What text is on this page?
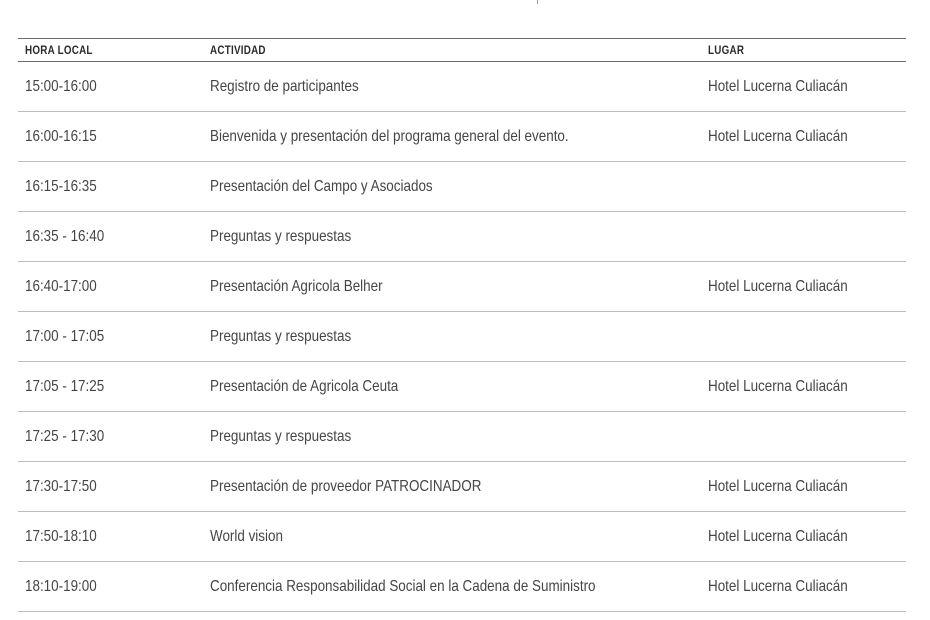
HORA LOCAL	ACTIVIDAD	LUGAR
15:00-16:00	Registro de participantes	Hotel Lucerna Culiacán
16:00-16:15	Bienvenida y presentación del programa general del evento.	Hotel Lucerna Culiacán
16:15-16:35	Presentación del Campo y Asociados
16:35 - 16:40	Preguntas y respuestas
16:40-17:00	Presentación Agricola Belher	Hotel Lucerna Culiacán
17:00 - 17:05	Preguntas y respuestas
17:05 - 17:25	Presentación de Agricola Ceuta	Hotel Lucerna Culiacán
17:25 - 17:30	Preguntas y respuestas
17:30-17:50	Presentación de proveedor PATROCINADOR	Hotel Lucerna Culiacán
17:50-18:10	World vision	Hotel Lucerna Culiacán
18:10-19:00	Conferencia Responsabilidad Social en la Cadena de Suministro	Hotel Lucerna Culiacán
